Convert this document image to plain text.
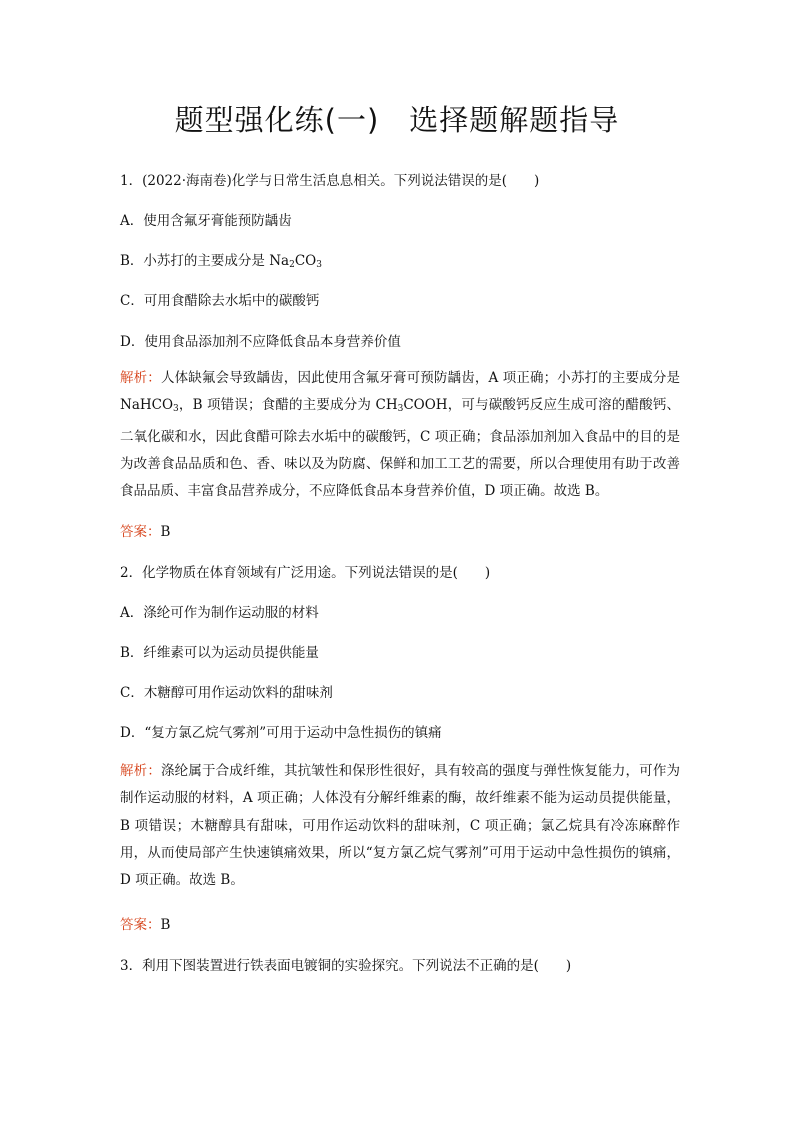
题型强化练(一)　选择题解题指导
1．(2022·海南卷)化学与日常生活息息相关。下列说法错误的是(　　)
A．使用含氟牙膏能预防龋齿
B．小苏打的主要成分是 $Na_2CO_3$
C．可用食醋除去水垢中的碳酸钙
D．使用食品添加剂不应降低食品本身营养价值
解析：人体缺氟会导致龋齿，因此使用含氟牙膏可预防龋齿，A 项正确；小苏打的主要成分是 NaHCO$_3$，B 项错误；食醋的主要成分为 $CH_3COOH$，可与碳酸钙反应生成可溶的醋酸钙、二氧化碳和水，因此食醋可除去水垢中的碳酸钙，C 项正确；食品添加剂加入食品中的目的是为改善食品品质和色、香、味以及为防腐、保鲜和加工工艺的需要，所以合理使用有助于改善食品品质、丰富食品营养成分，不应降低食品本身营养价值，D 项正确。故选 B。
答案：B
2．化学物质在体育领域有广泛用途。下列说法错误的是(　　)
A．涤纶可作为制作运动服的材料
B．纤维素可以为运动员提供能量
C．木糖醇可用作运动饮料的甜味剂
D．“复方氯乙烷气雾剂”可用于运动中急性损伤的镇痛
解析：涤纶属于合成纤维，其抗皱性和保形性很好，具有较高的强度与弹性恢复能力，可作为制作运动服的材料，A 项正确；人体没有分解纤维素的酶，故纤维素不能为运动员提供能量，B 项错误；木糖醇具有甜味，可用作运动饮料的甜味剂，C 项正确；氯乙烷具有冷冻麻醉作用，从而使局部产生快速镇痛效果，所以“复方氯乙烷气雾剂”可用于运动中急性损伤的镇痛，D 项正确。故选 B。
答案：B
3．利用下图装置进行铁表面电镀铜的实验探究。下列说法不正确的是(　　)
